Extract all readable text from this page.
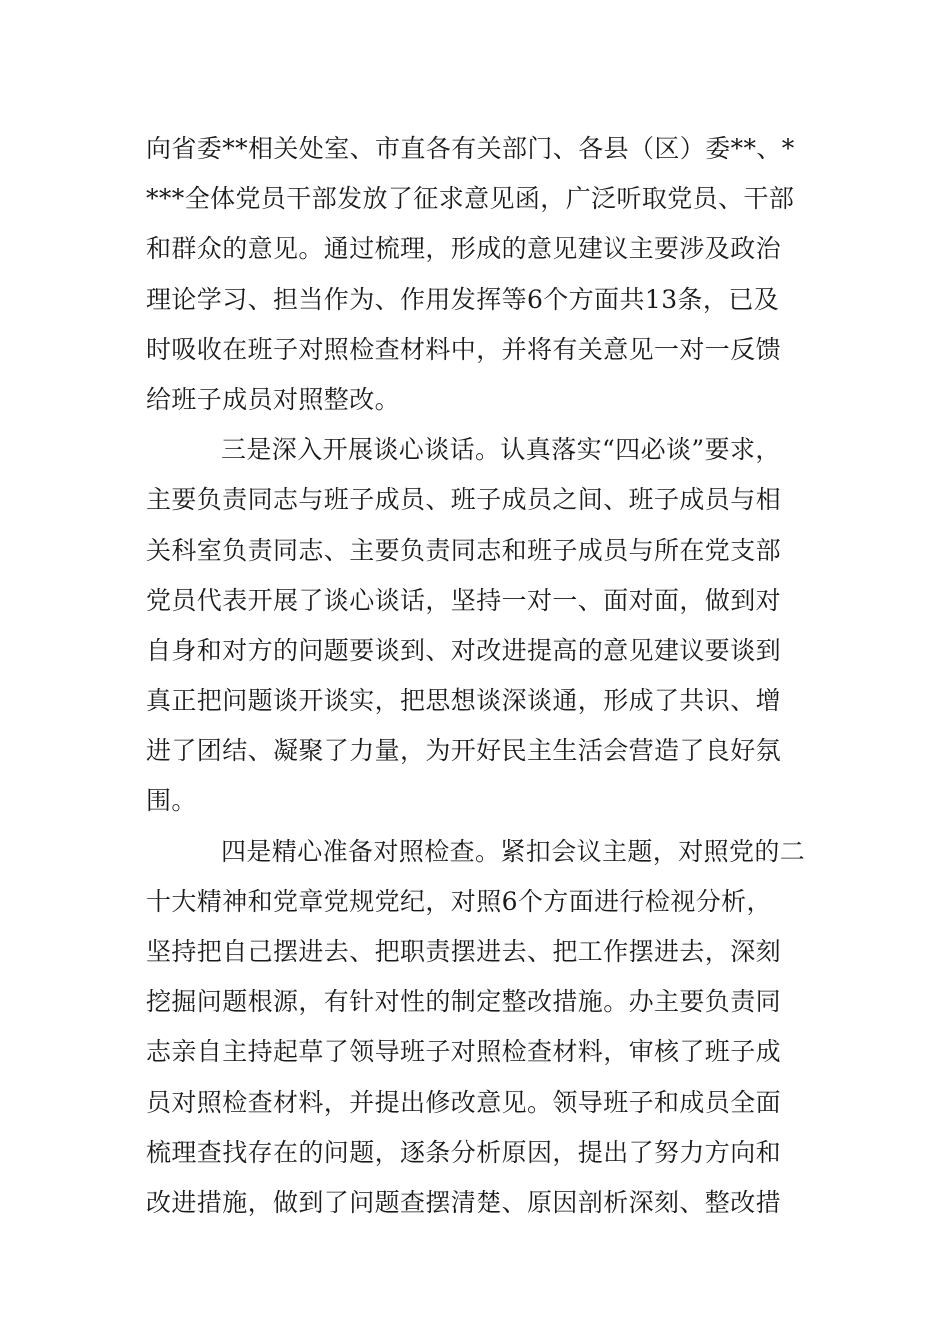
向省委**相关处室、市直各有关部门、各县（区）委**、*
***全体党员干部发放了征求意见函，广泛听取党员、干部
和群众的意见。通过梳理，形成的意见建议主要涉及政治
理论学习、担当作为、作用发挥等6个方面共13条，已及
时吸收在班子对照检查材料中，并将有关意见一对一反馈
给班子成员对照整改。
三是深入开展谈心谈话。认真落实“四必谈”要求，
主要负责同志与班子成员、班子成员之间、班子成员与相
关科室负责同志、主要负责同志和班子成员与所在党支部
党员代表开展了谈心谈话，坚持一对一、面对面，做到对
自身和对方的问题要谈到、对改进提高的意见建议要谈到
真正把问题谈开谈实，把思想谈深谈通，形成了共识、增
进了团结、凝聚了力量，为开好民主生活会营造了良好氛
围。
四是精心准备对照检查。紧扣会议主题，对照党的二
十大精神和党章党规党纪，对照6个方面进行检视分析，
坚持把自己摆进去、把职责摆进去、把工作摆进去，深刻
挖掘问题根源，有针对性的制定整改措施。办主要负责同
志亲自主持起草了领导班子对照检查材料，审核了班子成
员对照检查材料，并提出修改意见。领导班子和成员全面
梳理查找存在的问题，逐条分析原因，提出了努力方向和
改进措施，做到了问题查摆清楚、原因剖析深刻、整改措
